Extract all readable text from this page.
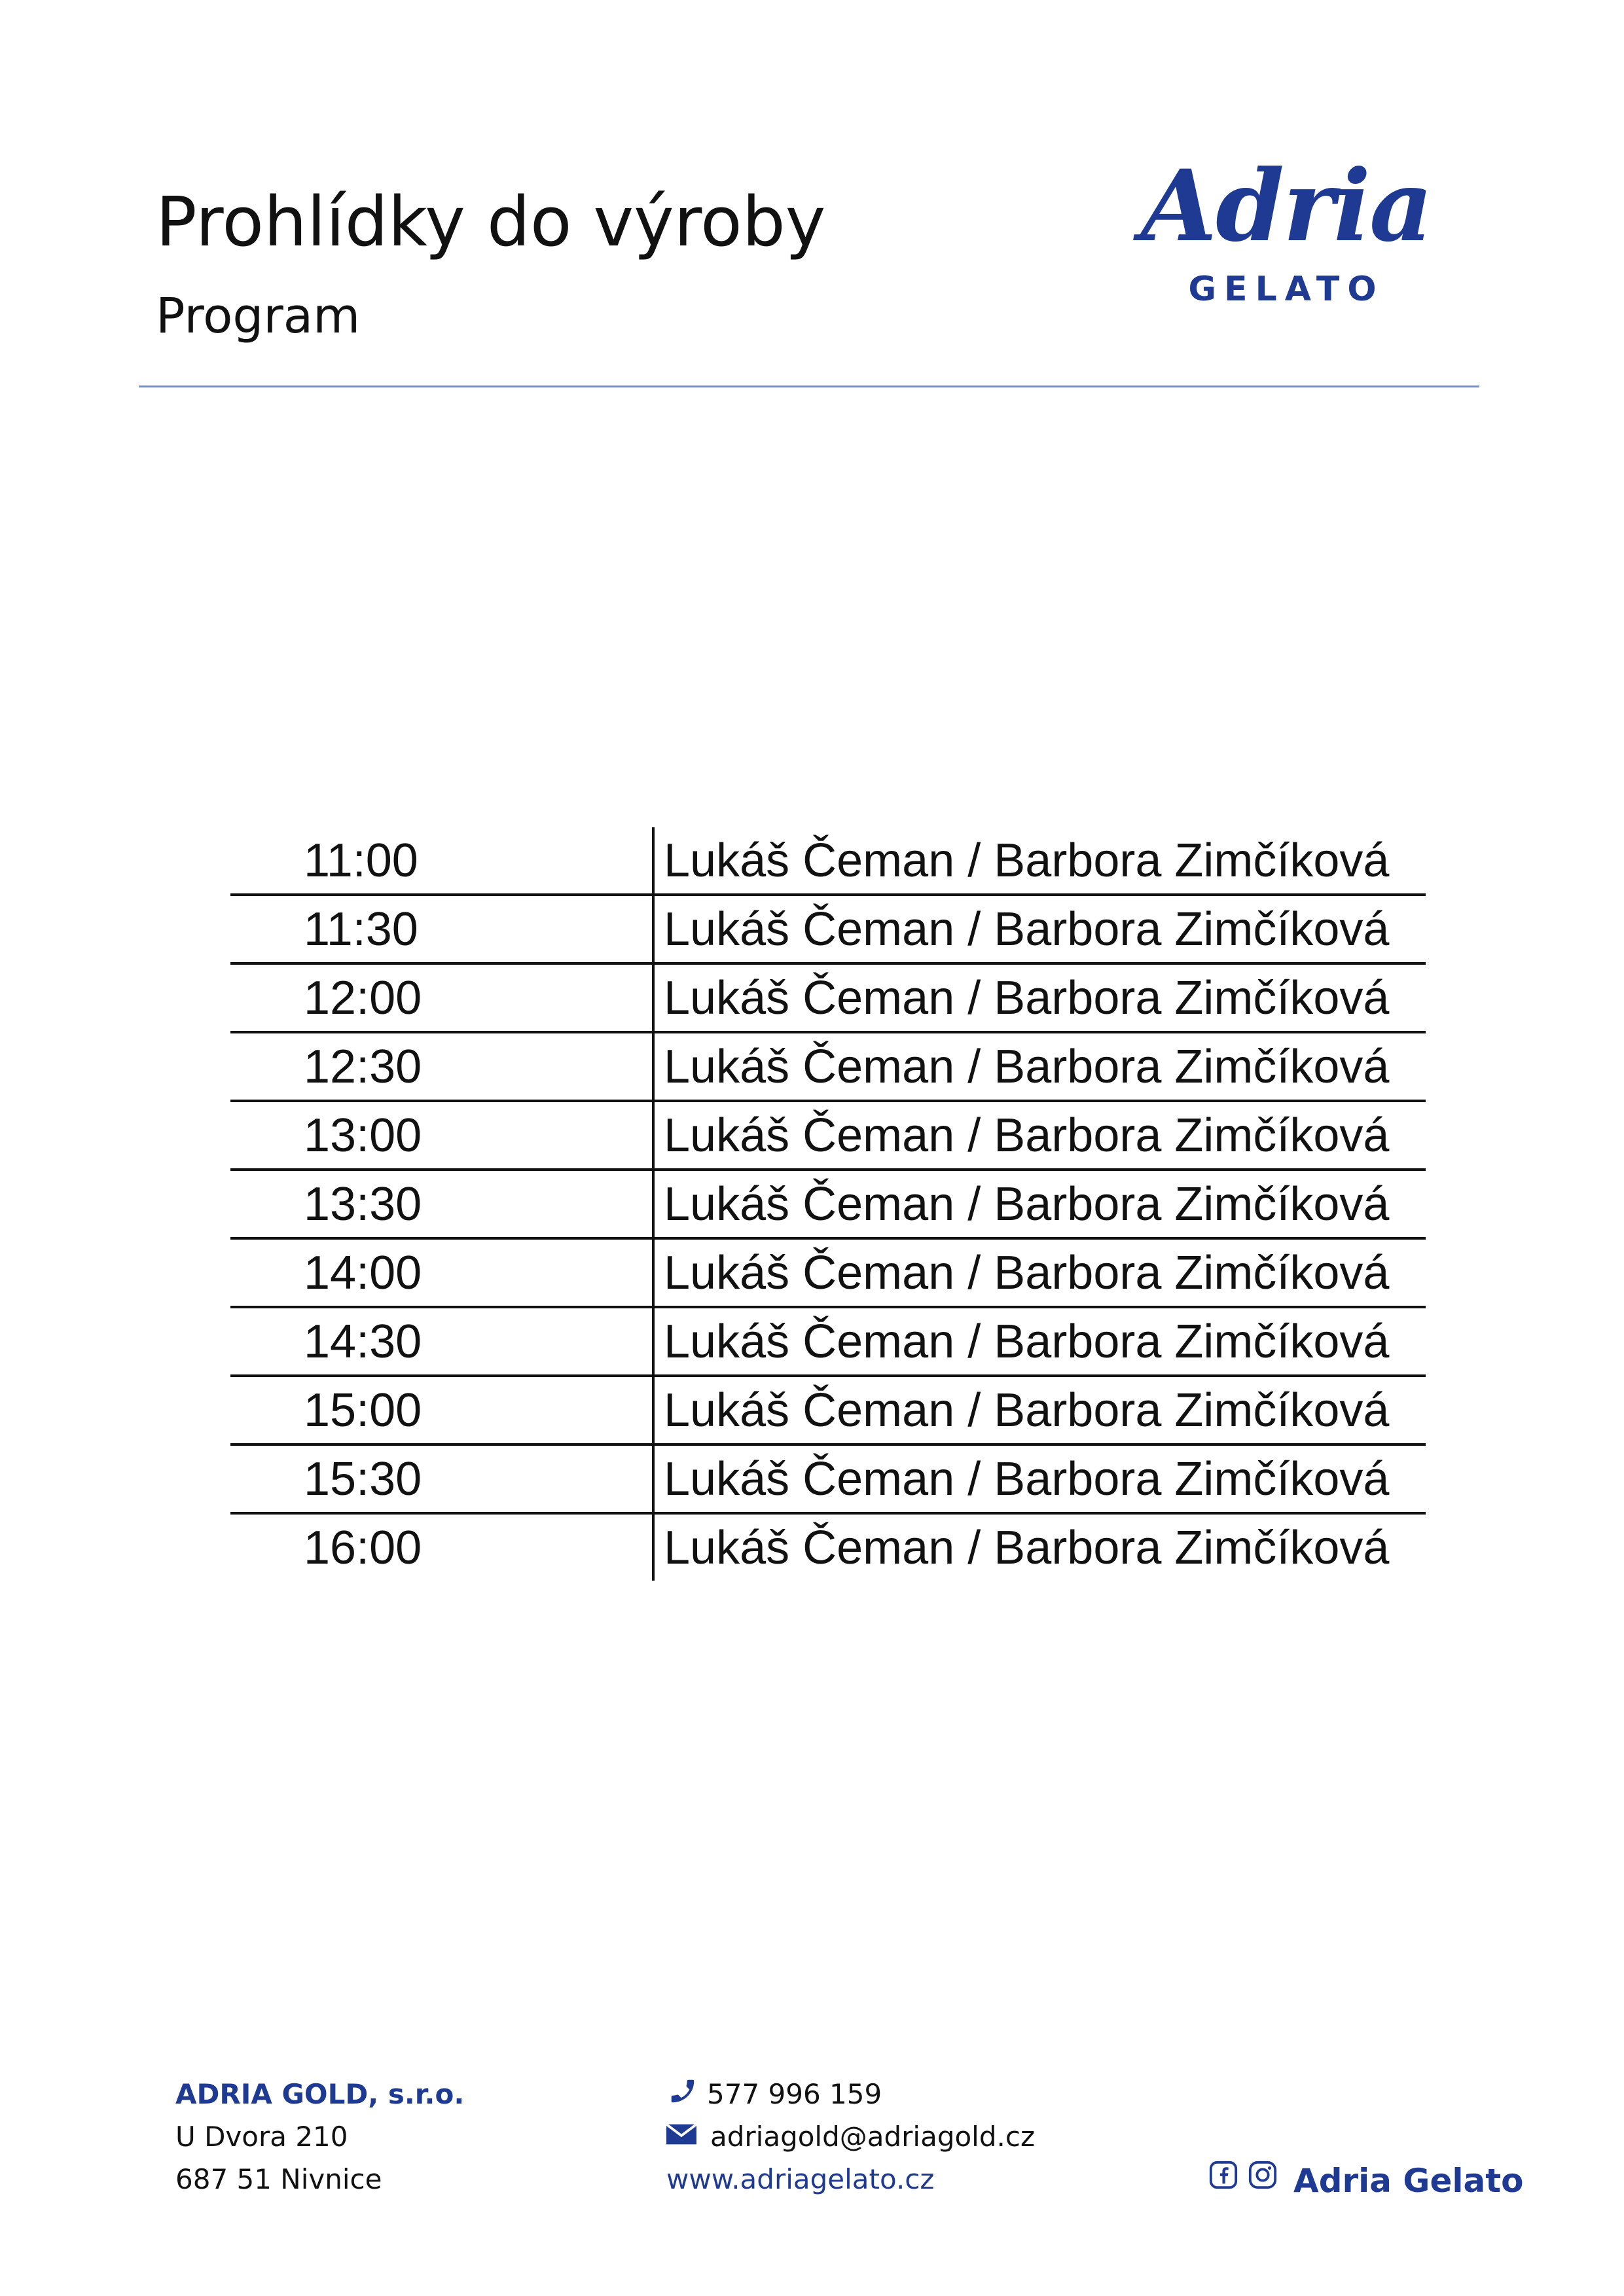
Prohlídky do výroby
Program
Adria
GELATO
11:00	Lukáš Čeman / Barbora Zimčíková
11:30	Lukáš Čeman / Barbora Zimčíková
12:00	Lukáš Čeman / Barbora Zimčíková
12:30	Lukáš Čeman / Barbora Zimčíková
13:00	Lukáš Čeman / Barbora Zimčíková
13:30	Lukáš Čeman / Barbora Zimčíková
14:00	Lukáš Čeman / Barbora Zimčíková
14:30	Lukáš Čeman / Barbora Zimčíková
15:00	Lukáš Čeman / Barbora Zimčíková
15:30	Lukáš Čeman / Barbora Zimčíková
16:00	Lukáš Čeman / Barbora Zimčíková
ADRIA GOLD, s.r.o.
U Dvora 210
687 51 Nivnice
577 996 159
adriagold@adriagold.cz
www.adriagelato.cz	Adria Gelato
